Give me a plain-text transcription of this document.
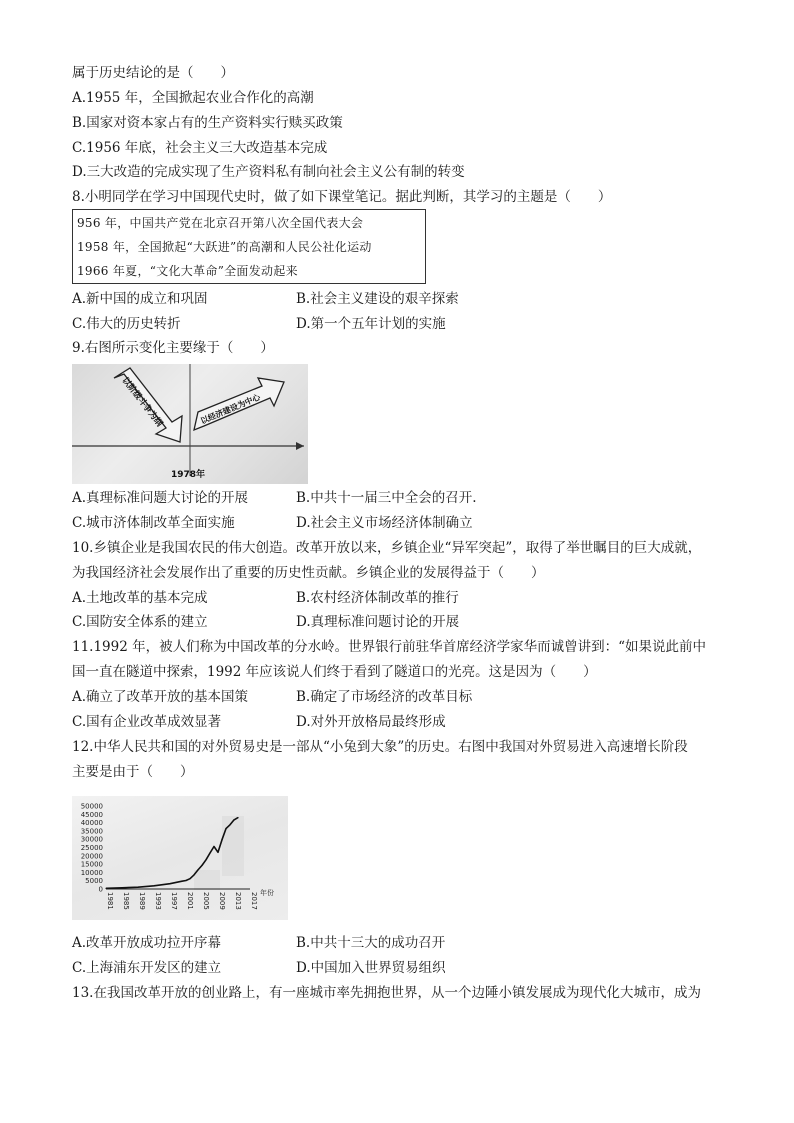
属于历史结论的是（　　）
A.1955 年，全国掀起农业合作化的高潮
B.国家对资本家占有的生产资料实行赎买政策
C.1956 年底，社会主义三大改造基本完成
D.三大改造的完成实现了生产资料私有制向社会主义公有制的转变
8.小明同学在学习中国现代史时，做了如下课堂笔记。据此判断，其学习的主题是（　　）
956 年，中国共产党在北京召开第八次全国代表大会
1958 年，全国掀起“大跃进”的高潮和人民公社化运动
1966 年夏，“文化大革命”全面发动起来
A.新中国的成立和巩固	B.社会主义建设的艰辛探索
C.伟大的历史转折	D.第一个五年计划的实施
9.右图所示变化主要缘于（　　）
以阶级斗争为纲	以经济建设为中心
1978年
A.真理标准问题大讨论的开展	B.中共十一届三中全会的召开.
C.城市济体制改革全面实施	D.社会主义市场经济体制确立
10.乡镇企业是我国农民的伟大创造。改革开放以来，乡镇企业“异军突起”，取得了举世瞩目的巨大成就，
为我国经济社会发展作出了重要的历史性贡献。乡镇企业的发展得益于（　　）
A.土地改革的基本完成	B.农村经济体制改革的推行
C.国防安全体系的建立	D.真理标准问题讨论的开展
11.1992 年，被人们称为中国改革的分水岭。世界银行前驻华首席经济学家华而诚曾讲到：“如果说此前中
国一直在隧道中探索，1992 年应该说人们终于看到了隧道口的光亮。这是因为（　　）
A.确立了改革开放的基本国策	B.确定了市场经济的改革目标
C.国有企业改革成效显著	D.对外开放格局最终形成
12.中华人民共和国的对外贸易史是一部从“小兔到大象”的历史。右图中我国对外贸易进入高速增长阶段
主要是由于（　　）
0
5000
10000
15000
20000
25000
30000
35000
40000
45000
50000
1981 1985 1989 1993 1997 2001 2005 2009 2013 2017 年份
A.改革开放成功拉开序幕	B.中共十三大的成功召开
C.上海浦东开发区的建立	D.中国加入世界贸易组织
13.在我国改革开放的创业路上，有一座城市率先拥抱世界，从一个边陲小镇发展成为现代化大城市，成为
